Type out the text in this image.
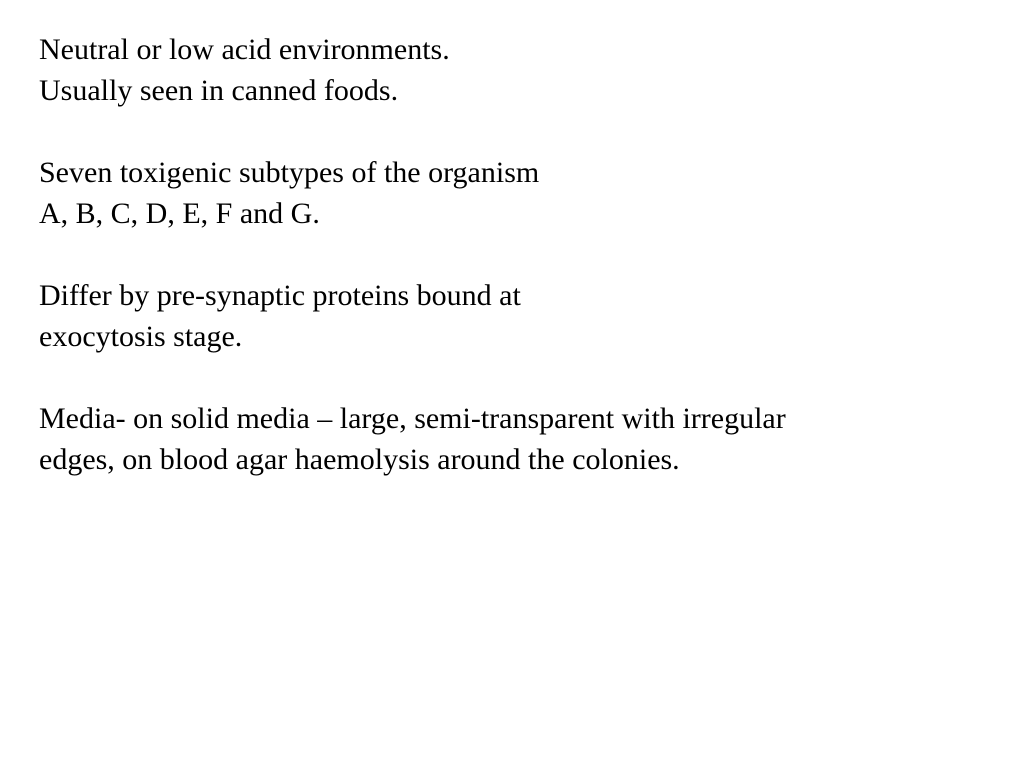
Neutral or low acid environments.
Usually seen in canned foods.
Seven toxigenic subtypes of the organism
A, B, C, D, E, F and G.
Differ by pre-synaptic proteins bound at
exocytosis stage.
Media- on solid media – large, semi-transparent with irregular
edges, on blood agar haemolysis around the colonies.
